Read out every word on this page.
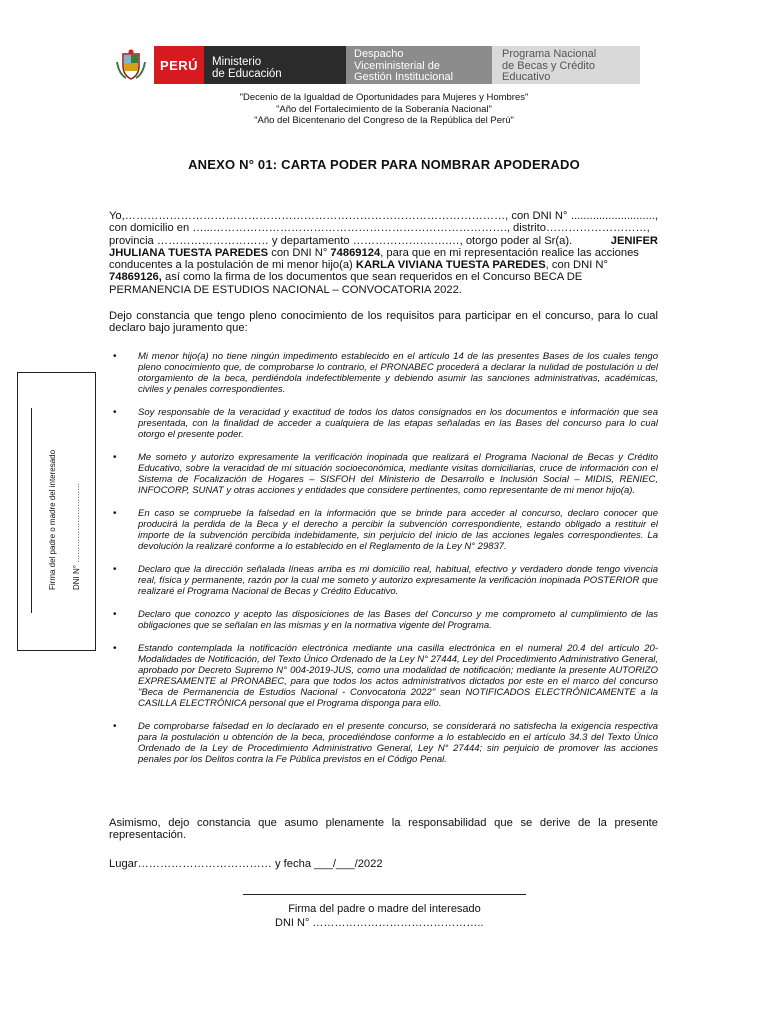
PERÚ Ministerio
de Educación
Despacho
Viceministerial de
Gestión Institucional
Programa Nacional
de Becas y Crédito
Educativo
"Decenio de la Igualdad de Oportunidades para Mujeres y Hombres"
"Año del Fortalecimiento de la Soberanía Nacional"
"Año del Bicentenario del Congreso de la República del Perú"
ANEXO N° 01: CARTA PODER PARA NOMBRAR APODERADO
Yo,…………………………………………………………………………………………, con DNI N° ...........................,
con domicilio en …...……………………………………………………………………., distrito………………………,
provincia ………………………… y departamento ……………….…….…, otorgo poder al Sr(a).	JENIFER
JHULIANA TUESTA PAREDES con DNI N° 74869124, para que en mi representación realice las acciones
conducentes a la postulación de mi menor hijo(a) KARLA VIVIANA TUESTA PAREDES, con DNI N°
74869126, así como la firma de los documentos que sean requeridos en el Concurso BECA DE
PERMANENCIA DE ESTUDIOS NACIONAL – CONVOCATORIA 2022.
Dejo constancia que tengo pleno conocimiento de los requisitos para participar en el concurso, para lo cual declaro bajo juramento que:
• Mi menor hijo(a) no tiene ningún impedimento establecido en el artículo 14 de las presentes Bases de los cuales tengo pleno conocimiento que, de comprobarse lo contrario, el PRONABEC procederá a declarar la nulidad de postulación u del otorgamiento de la beca, perdiéndola indefectiblemente y debiendo asumir las sanciones administrativas, académicas, civiles y penales correspondientes.
• Soy responsable de la veracidad y exactitud de todos los datos consignados en los documentos e información que sea presentada, con la finalidad de acceder a cualquiera de las etapas señaladas en las Bases del concurso para lo cual otorgo el presente poder.
• Me someto y autorizo expresamente la verificación inopinada que realizará el Programa Nacional de Becas y Crédito Educativo, sobre la veracidad de mi situación socioeconómica, mediante visitas domiciliarias, cruce de información con el Sistema de Focalización de Hogares – SISFOH del Ministerio de Desarrollo e Inclusión Social – MIDIS, RENIEC, INFOCORP, SUNAT y otras acciones y entidades que considere pertinentes, como representante de mi menor hijo(a).
• En caso se compruebe la falsedad en la información que se brinde para acceder al concurso, declaro conocer que producirá la perdida de la Beca y el derecho a percibir la subvención correspondiente, estando obligado a restituir el importe de la subvención percibida indebidamente, sin perjuicio del inicio de las acciones legales correspondientes. La devolución la realizaré conforme a lo establecido en el Reglamento de la Ley N° 29837.
• Declaro que la dirección señalada líneas arriba es mi domicilio real, habitual, efectivo y verdadero donde tengo vivencia real, física y permanente, razón por la cual me someto y autorizo expresamente la verificación inopinada POSTERIOR que realizaré el Programa Nacional de Becas y Crédito Educativo.
• Declaro que conozco y acepto las disposiciones de las Bases del Concurso y me comprometo al cumplimiento de las obligaciones que se señalan en las mismas y en la normativa vigente del Programa.
• Estando contemplada la notificación electrónica mediante una casilla electrónica en el numeral 20.4 del artículo 20- Modalidades de Notificación, del Texto Único Ordenado de la Ley N° 27444, Ley del Procedimiento Administrativo General, aprobado por Decreto Supremo N° 004-2019-JUS, como una modalidad de notificación; mediante la presente AUTORIZO EXPRESAMENTE al PRONABEC, para que todos los actos administrativos dictados por este en el marco del concurso "Beca de Permanencia de Estudios Nacional - Convocatoria 2022" sean NOTIFICADOS ELECTRÓNICAMENTE a la CASILLA ELECTRÓNICA personal que el Programa disponga para ello.
• De comprobarse falsedad en lo declarado en el presente concurso, se considerará no satisfecha la exigencia respectiva para la postulación u obtención de la beca, procediéndose conforme a lo establecido en el artículo 34.3 del Texto Único Ordenado de la Ley de Procedimiento Administrativo General, Ley N° 27444; sin perjuicio de promover las acciones penales por los Delitos contra la Fe Pública previstos en el Código Penal.
Asimismo, dejo constancia que asumo plenamente la responsabilidad que se derive de la presente representación.
Lugar……………………………… y fecha ___/___/2022
Firma del padre o madre del interesado
DNI N° ………………………………………..
Firma del padre o madre del interesado DNI N° …………………………
